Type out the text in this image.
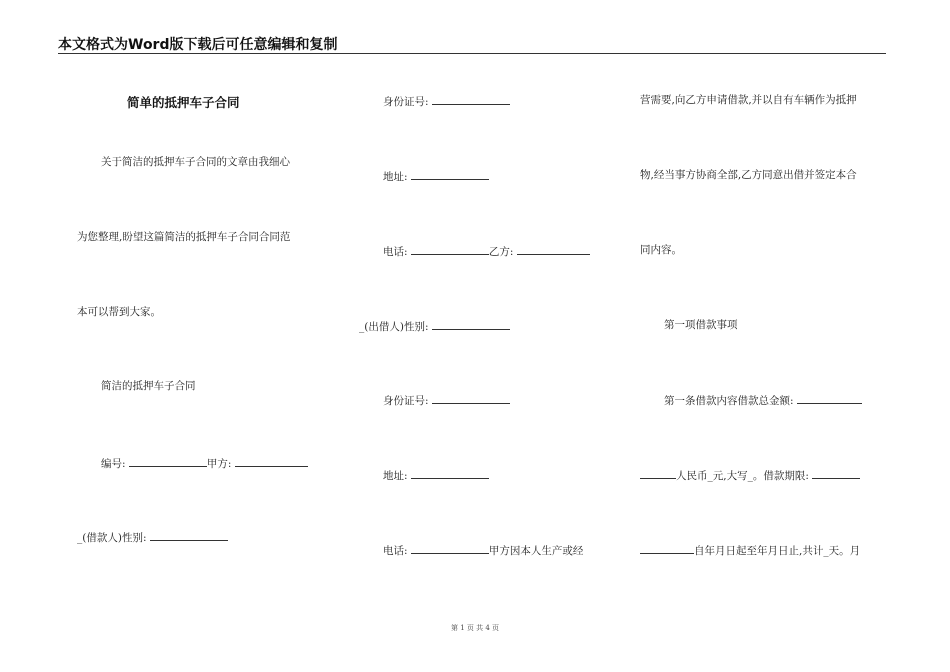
本文格式为Word版下载后可任意编辑和复制
简单的抵押车子合同
关于简洁的抵押车子合同的文章由我细心
为您整理,盼望这篇简洁的抵押车子合同合同范
本可以帮到大家。
简洁的抵押车子合同
编号:	甲方:
_(借款人)性别:
身份证号:
地址:
电话:	乙方:
_(出借人)性别:
身份证号:
地址:
电话:	甲方因本人生产或经
营需要,向乙方申请借款,并以自有车辆作为抵押
物,经当事方协商全部,乙方同意出借并签定本合
同内容。
第一项借款事项
第一条借款内容借款总金额:
人民币_元,大写_。借款期限:
自年月日起至年月日止,共计_天。月
第 1 页 共 4 页
